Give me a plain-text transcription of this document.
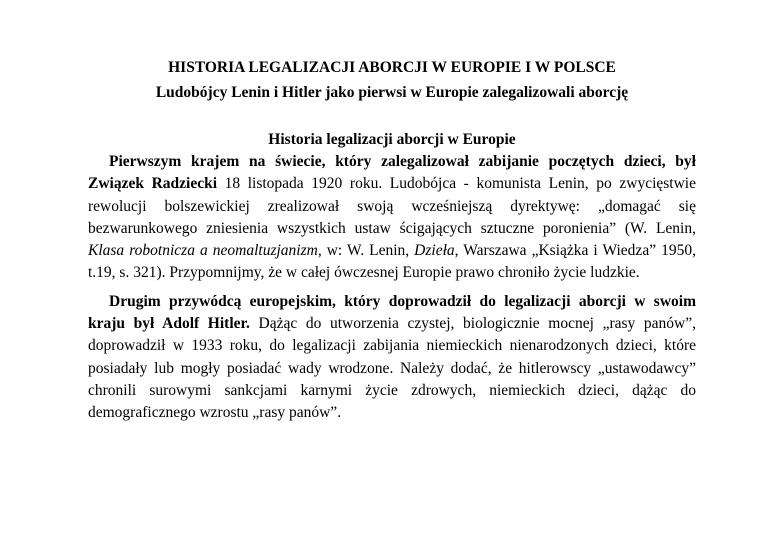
HISTORIA LEGALIZACJI ABORCJI W EUROPIE I W POLSCE
Ludobójcy Lenin i Hitler jako pierwsi w Europie zalegalizowali aborcję
Historia legalizacji aborcji w Europie

Pierwszym krajem na świecie, który zalegalizował zabijanie poczętych dzieci, był Związek Radziecki 18 listopada 1920 roku. Ludobójca - komunista Lenin, po zwycięstwie rewolucji bolszewickiej zrealizował swoją wcześniejszą dyrektywę: „domagać się bezwarunkowego zniesienia wszystkich ustaw ścigających sztuczne poronienia” (W. Lenin, Klasa robotnicza a neomaltuzjanizm, w: W. Lenin, Dzieła, Warszawa „Książka i Wiedza” 1950, t.19, s. 321). Przypomnijmy, że w całej ówczesnej Europie prawo chroniło życie ludzkie.

Drugim przywódcą europejskim, który doprowadził do legalizacji aborcji w swoim kraju był Adolf Hitler. Dążąc do utworzenia czystej, biologicznie mocnej „rasy panów”, doprowadził w 1933 roku, do legalizacji zabijania niemieckich nienarodzonych dzieci, które posiadały lub mogły posiadać wady wrodzone. Należy dodać, że hitlerowscy „ustawodawcy” chronili surowymi sankcjami karnymi życie zdrowych, niemieckich dzieci, dążąc do demograficznego wzrostu „rasy panów”.
